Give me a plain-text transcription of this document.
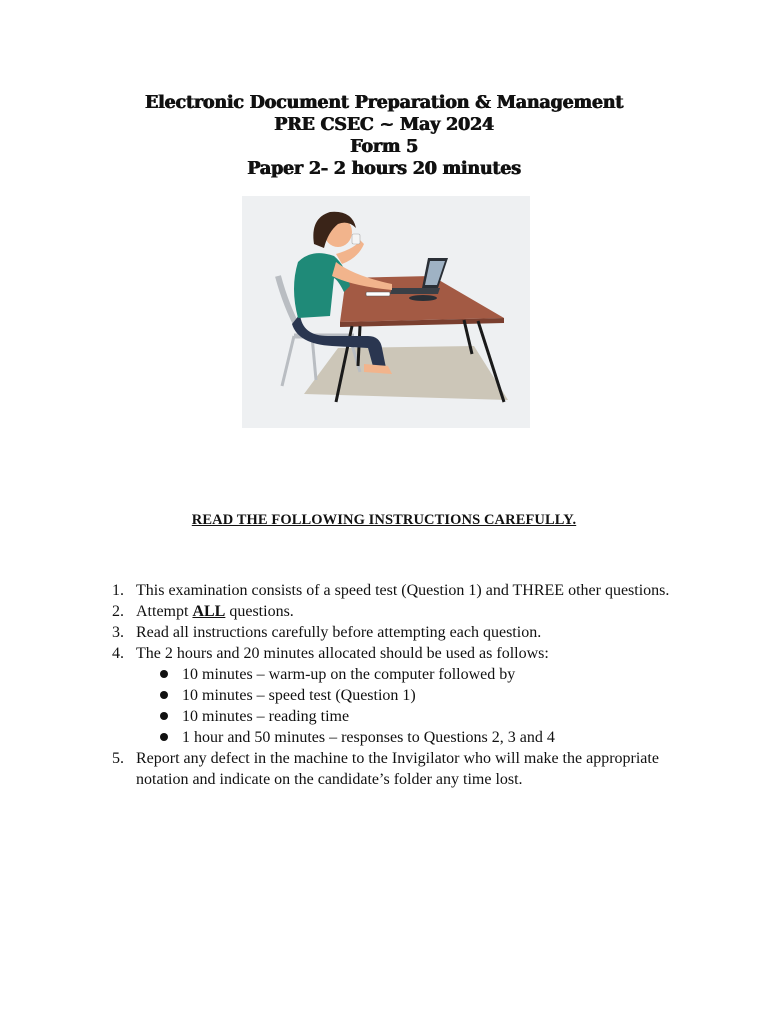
Electronic Document Preparation & Management

PRE CSEC ~ May 2024

Form 5

Paper 2- 2 hours 20 minutes

READ THE FOLLOWING INSTRUCTIONS CAREFULLY.
1. This examination consists of a speed test (Question 1) and THREE other questions.
2. Attempt ALL questions.
3. Read all instructions carefully before attempting each question.
4. The 2 hours and 20 minutes allocated should be used as follows:
10 minutes – warm-up on the computer followed by
10 minutes – speed test (Question 1)
10 minutes – reading time
1 hour and 50 minutes – responses to Questions 2, 3 and 4
5. Report any defect in the machine to the Invigilator who will make the appropriate notation and indicate on the candidate’s folder any time lost.
